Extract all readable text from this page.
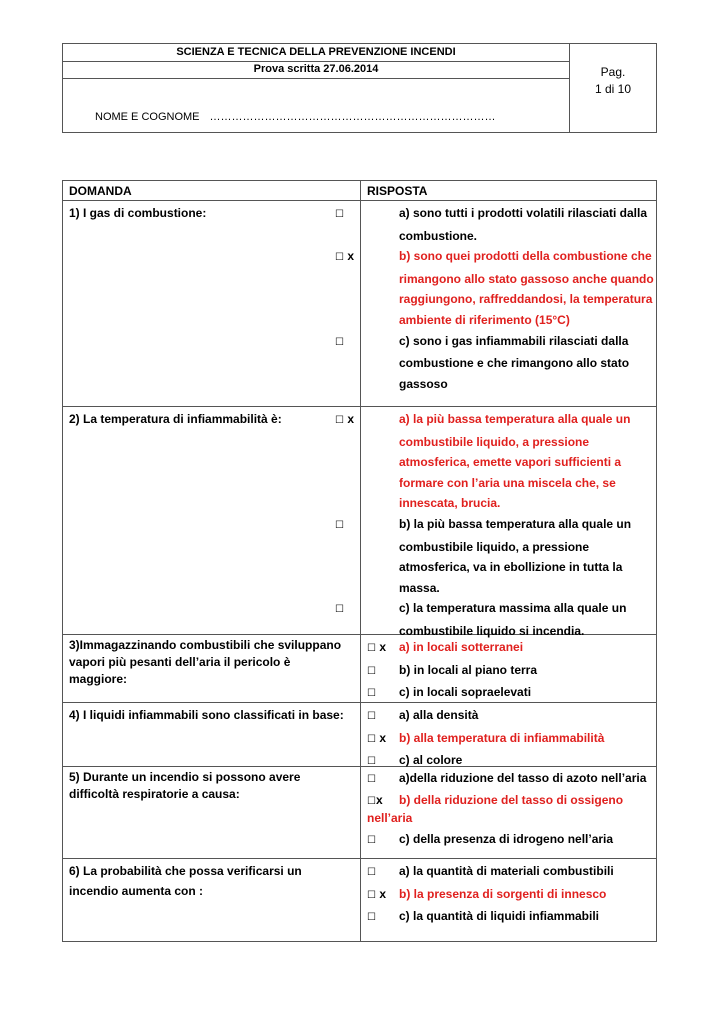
SCIENZA E TECNICA DELLA PREVENZIONE INCENDI
Prova scritta 27.06.2014
NOME E COGNOME ……………………………………………………………………
Pag.
1 di 10
DOMANDA	RISPOSTA
1) I gas di combustione:	☐	a) sono tutti i prodotti volatili rilasciati dalla combustione.
☐ x	b) sono quei prodotti della combustione che rimangono allo stato gassoso anche quando raggiungono, raffreddandosi, la temperatura ambiente di riferimento (15°C)
☐	c) sono i gas infiammabili rilasciati dalla combustione e che rimangono allo stato gassoso
2) La temperatura di infiammabilità è:	☐ x	a) la più bassa temperatura alla quale un combustibile liquido, a pressione atmosferica, emette vapori sufficienti a formare con l’aria una miscela che, se innescata, brucia.
☐	b) la più bassa temperatura alla quale un combustibile liquido, a pressione atmosferica, va in ebollizione in tutta la massa.
☐	c) la temperatura massima alla quale un combustibile liquido si incendia.
3)Immagazzinando combustibili che sviluppano vapori più pesanti dell’aria il pericolo è maggiore:
☐ x a) in locali sotterranei
☐ b) in locali al piano terra
☐ c) in locali sopraelevati
4) I liquidi infiammabili sono classificati in base:	☐ a) alla densità
☐ x b) alla temperatura di infiammabilità
☐ c) al colore
5) Durante un incendio si possono avere difficoltà respiratorie a causa:
☐ a)della riduzione del tasso di azoto nell’aria
☐x b) della riduzione del tasso di ossigeno nell’aria
☐ c) della presenza di idrogeno nell’aria
6) La probabilità che possa verificarsi un incendio aumenta con :
☐ a) la quantità di materiali combustibili
☐ x b) la presenza di sorgenti di innesco
☐ c) la quantità di liquidi infiammabili
